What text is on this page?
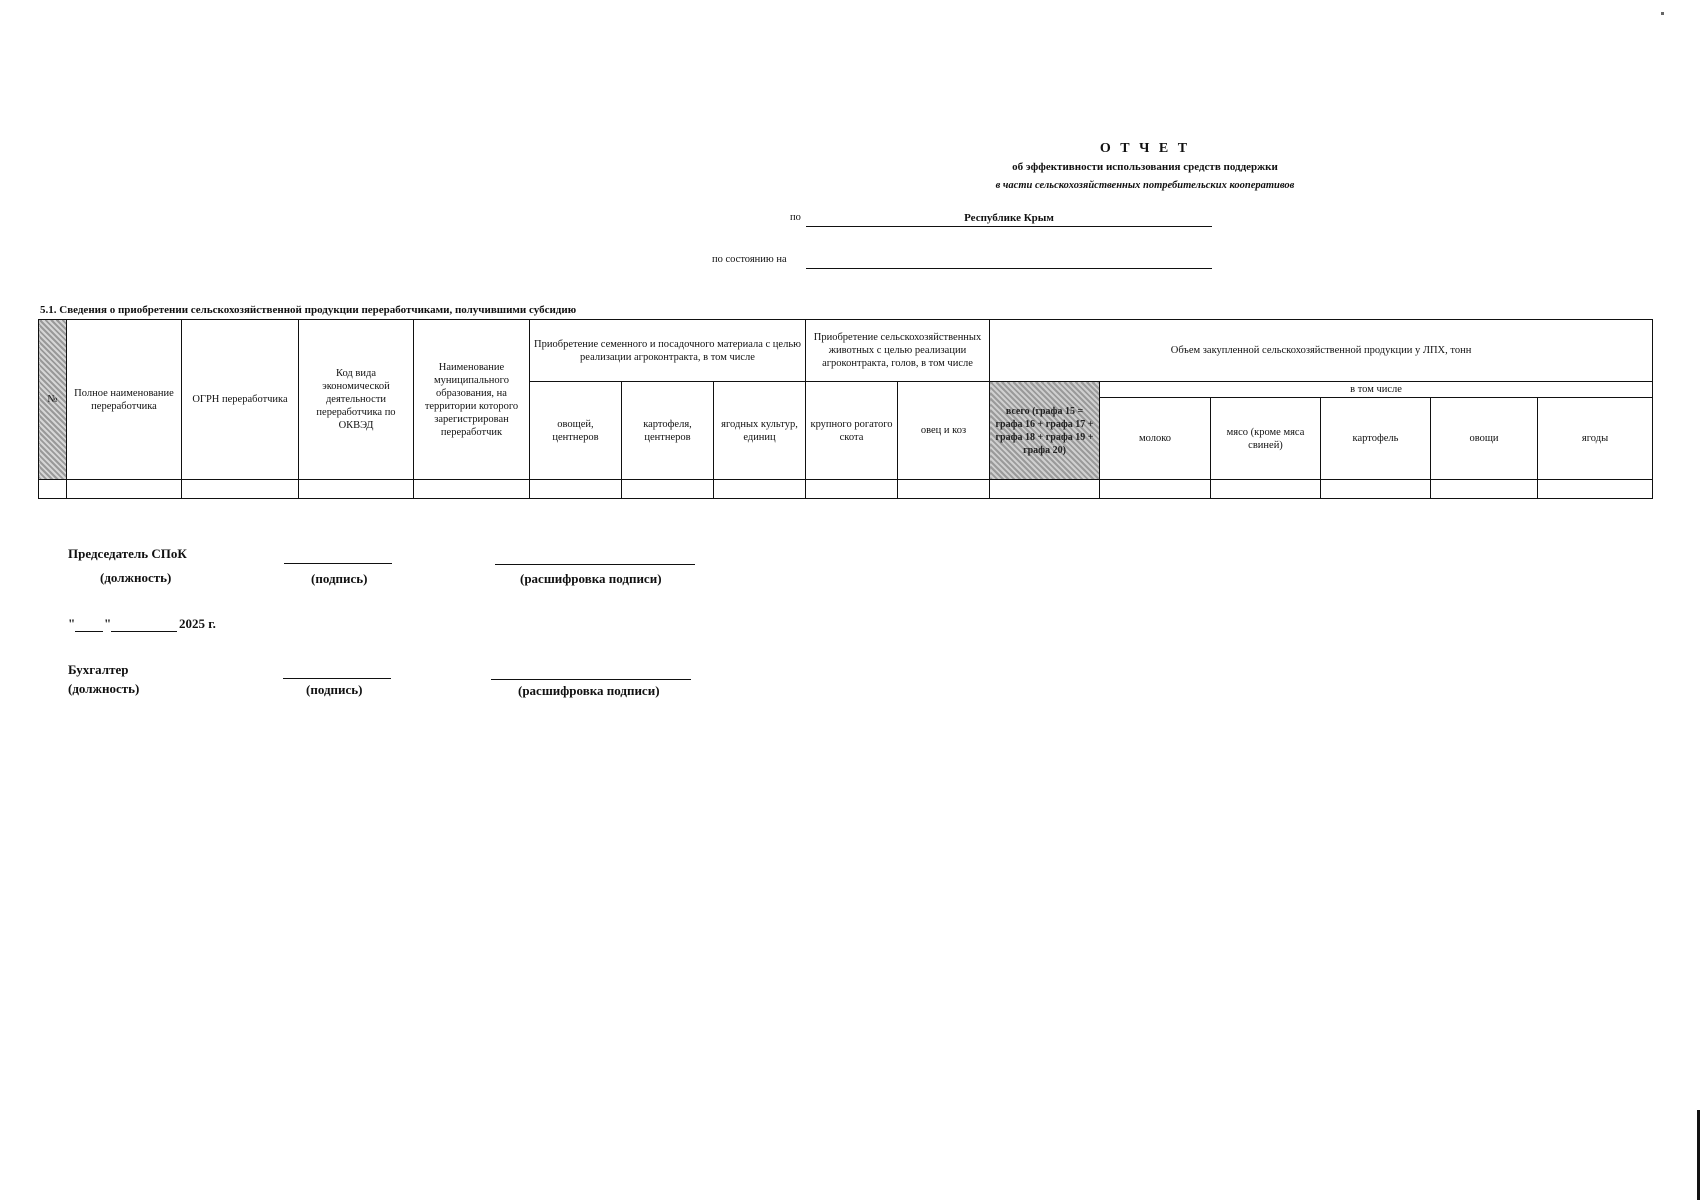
О Т Ч Е Т
об эффективности использования средств поддержки
в части сельскохозяйственных потребительских кооперативов
по	Республике Крым
по состоянию на
5.1. Сведения о приобретении сельскохозяйственной продукции переработчиками, получившими субсидию
№	Полное наименование переработчика	ОГРН переработчика	Код вида экономической деятельности переработчика по ОКВЭД	Наименование муниципального образования, на территории которого зарегистрирован переработчик	Приобретение семенного и посадочного материала с целью реализации агроконтракта, в том числе			Приобретение сельскохозяйственных животных с целью реализации агроконтракта, голов, в том числе		Объем закупленной сельскохозяйственной продукции у ЛПХ, тонн					
					овощей, центнеров	картофеля, центнеров	ягодных культур, единиц	крупного рогатого скота	овец и коз	всего (графа 15 = графа 16 + графа 17 + графа 18 + графа 19 + графа 20)	в том числе				
											молоко	мясо (кроме мяса свиней)	картофель	овощи	ягоды

Председатель СПоК
(должность)	(подпись)	(расшифровка подписи)
" "	2025 г.
Бухгалтер
(должность)	(подпись)	(расшифровка подписи)
